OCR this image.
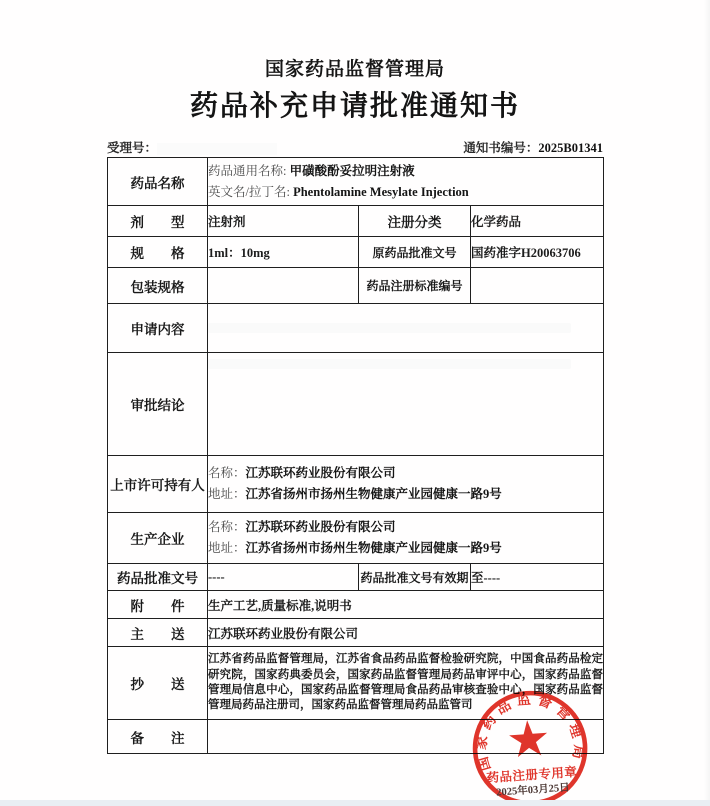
国家药品监督管理局
药品补充申请批准通知书
受理号：	通知书编号：2025B01341
药品名称	药品通用名称: 甲磺酸酚妥拉明注射液
英文名/拉丁名: Phentolamine Mesylate Injection		

剂　　型	注射剂	注册分类	化学药品
规　　格	1ml：10mg	原药品批准文号	国药准字H20063706
包装规格		药品注册标准编号	
申请内容			

审批结论			

上市许可持有人	名称：江苏联环药业股份有限公司
地址：江苏省扬州市扬州生物健康产业园健康一路9号		

生产企业	名称：江苏联环药业股份有限公司
地址：江苏省扬州市扬州生物健康产业园健康一路9号		

药品批准文号	----	药品批准文号有效期	至----
附　　件	生产工艺,质量标准,说明书		
主　　送	江苏联环药业股份有限公司		
抄　　送	江苏省药品监督管理局，江苏省食品药品监督检验研究院，中国食品药品检定研究院，国家药典委员会，国家药品监督管理局药品审评中心，国家药品监督管理局信息中心，国家药品监督管理局食品药品审核查验中心，国家药品监督管理局药品注册司，国家药品监督管理局药品监管司		
备　　注			
国家药品监督管理局
药品注册专用章
2025年03月25日
